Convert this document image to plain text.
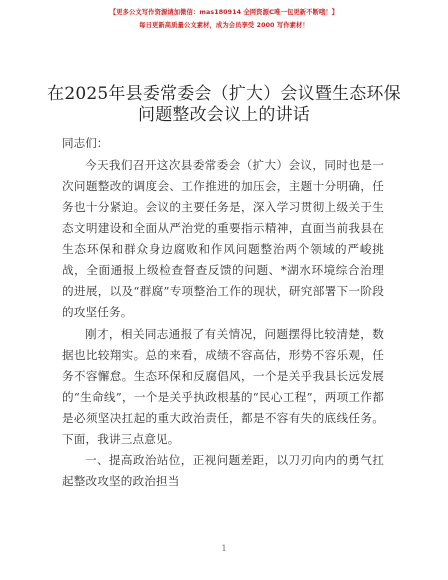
【更多公文写作资源请加微信：mas180914 全网资源ᕦ唯一包更新不断哦！】
每日更新高质量公文素材，成为会员享受 2000 写作素材！
在2025年县委常委会（扩大）会议暨生态环保
问题整改会议上的讲话
同志们：

今天我们召开这次县委常委会（扩大）会议，同时也是一次问题整改的调度会、工作推进的加压会，主题十分明确，任务也十分紧迫。会议的主要任务是，深入学习贯彻上级关于生态文明建设和全面从严治党的重要指示精神，直面当前我县在生态环保和群众身边腐败和作风问题整治两个领域的严峻挑战，全面通报上级检查督查反馈的问题、*湖水环境综合治理的进展，以及“群腐”专项整治工作的现状，研究部署下一阶段的攻坚任务。

刚才，相关同志通报了有关情况，问题摆得比较清楚，数据也比较翔实。总的来看，成绩不容高估，形势不容乐观，任务不容懈怠。生态环保和反腐倡风，一个是关乎我县长远发展的“生命线”，一个是关乎执政根基的“民心工程”，两项工作都是必须坚决扛起的重大政治责任，都是不容有失的底线任务。下面，我讲三点意见。

一、提高政治站位，正视问题差距，以刀刃向内的勇气扛起整改攻坚的政治担当

1
